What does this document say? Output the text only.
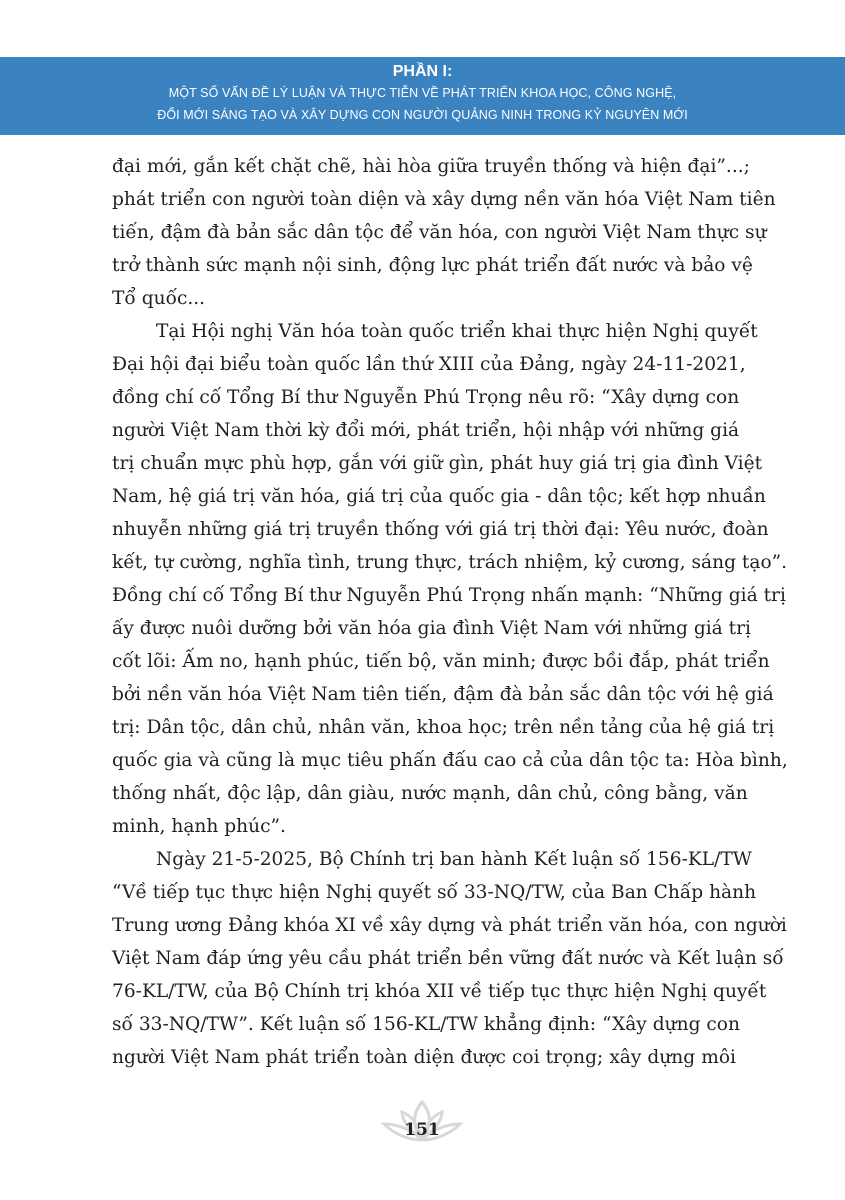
PHẦN I:
MỘT SỐ VẤN ĐỀ LÝ LUẬN VÀ THỰC TIỄN VỀ PHÁT TRIỂN KHOA HỌC, CÔNG NGHỆ,
ĐỔI MỚI SÁNG TẠO VÀ XÂY DỰNG CON NGƯỜI QUẢNG NINH TRONG KỶ NGUYÊN MỚI
đại mới, gắn kết chặt chẽ, hài hòa giữa truyền thống và hiện đại”...;
phát triển con người toàn diện và xây dựng nền văn hóa Việt Nam tiên
tiến, đậm đà bản sắc dân tộc để văn hóa, con người Việt Nam thực sự
trở thành sức mạnh nội sinh, động lực phát triển đất nước và bảo vệ
Tổ quốc...
Tại Hội nghị Văn hóa toàn quốc triển khai thực hiện Nghị quyết
Đại hội đại biểu toàn quốc lần thứ XIII của Đảng, ngày 24-11-2021,
đồng chí cố Tổng Bí thư Nguyễn Phú Trọng nêu rõ: “Xây dựng con
người Việt Nam thời kỳ đổi mới, phát triển, hội nhập với những giá
trị chuẩn mực phù hợp, gắn với giữ gìn, phát huy giá trị gia đình Việt
Nam, hệ giá trị văn hóa, giá trị của quốc gia - dân tộc; kết hợp nhuần
nhuyễn những giá trị truyền thống với giá trị thời đại: Yêu nước, đoàn
kết, tự cường, nghĩa tình, trung thực, trách nhiệm, kỷ cương, sáng tạo”.
Đồng chí cố Tổng Bí thư Nguyễn Phú Trọng nhấn mạnh: “Những giá trị
ấy được nuôi dưỡng bởi văn hóa gia đình Việt Nam với những giá trị
cốt lõi: Ấm no, hạnh phúc, tiến bộ, văn minh; được bồi đắp, phát triển
bởi nền văn hóa Việt Nam tiên tiến, đậm đà bản sắc dân tộc với hệ giá
trị: Dân tộc, dân chủ, nhân văn, khoa học; trên nền tảng của hệ giá trị
quốc gia và cũng là mục tiêu phấn đấu cao cả của dân tộc ta: Hòa bình,
thống nhất, độc lập, dân giàu, nước mạnh, dân chủ, công bằng, văn
minh, hạnh phúc”.
Ngày 21-5-2025, Bộ Chính trị ban hành Kết luận số 156-KL/TW
“Về tiếp tục thực hiện Nghị quyết số 33-NQ/TW, của Ban Chấp hành
Trung ương Đảng khóa XI về xây dựng và phát triển văn hóa, con người
Việt Nam đáp ứng yêu cầu phát triển bền vững đất nước và Kết luận số
76-KL/TW, của Bộ Chính trị khóa XII về tiếp tục thực hiện Nghị quyết
số 33-NQ/TW”. Kết luận số 156-KL/TW khẳng định: “Xây dựng con
người Việt Nam phát triển toàn diện được coi trọng; xây dựng môi
151
